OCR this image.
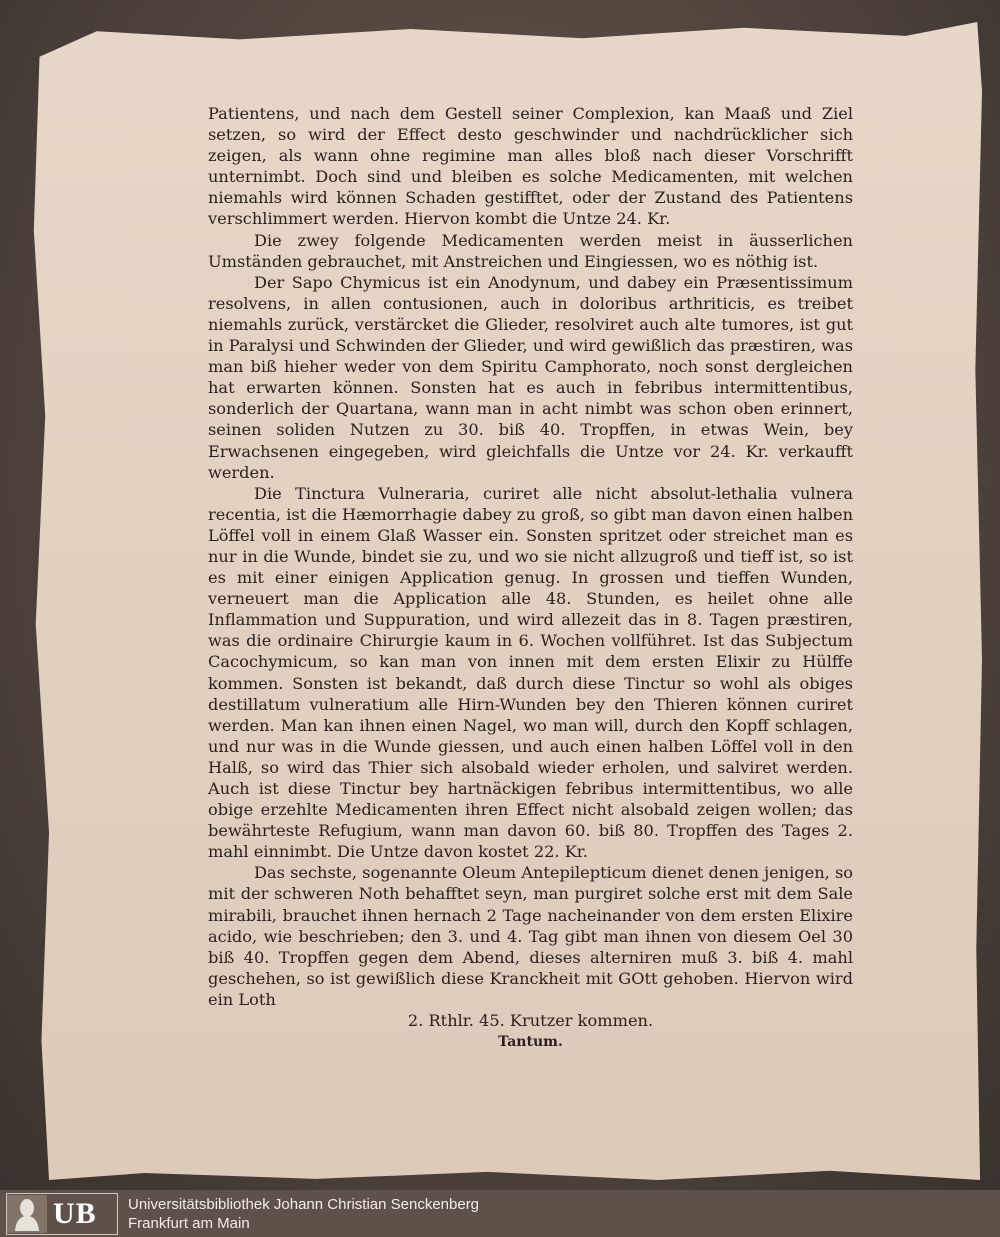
Patientens, und nach dem Gestell seiner Complexion, kan Maaß und Ziel setzen, so wird der Effect desto geschwinder und nachdrücklicher sich zeigen, als wann ohne regimine man alles bloß nach dieser Vorschrifft unternimbt. Doch sind und bleiben es solche Medicamenten, mit welchen niemahls wird können Schaden gestifftet, oder der Zustand des Patientens verschlimmert werden. Hiervon kombt die Untze 24. Kr.

Die zwey folgende Medicamenten werden meist in äusserlichen Umständen gebrauchet, mit Anstreichen und Eingiessen, wo es nöthig ist.

Der Sapo Chymicus ist ein Anodynum, und dabey ein Præsentissimum resolvens, in allen contusionen, auch in doloribus arthriticis, es treibet niemahls zurück, verstärcket die Glieder, resolviret auch alte tumores, ist gut in Paralysi und Schwinden der Glieder, und wird gewißlich das præstiren, was man biß hieher weder von dem Spiritu Camphorato, noch sonst dergleichen hat erwarten können. Sonsten hat es auch in febribus intermittentibus, sonderlich der Quartana, wann man in acht nimbt was schon oben erinnert, seinen soliden Nutzen zu 30. biß 40. Tropffen, in etwas Wein, bey Erwachsenen eingegeben, wird gleichfalls die Untze vor 24. Kr. verkaufft werden.

Die Tinctura Vulneraria, curiret alle nicht absolut-lethalia vulnera recentia, ist die Hæmorrhagie dabey zu groß, so gibt man davon einen halben Löffel voll in einem Glaß Wasser ein. Sonsten spritzet oder streichet man es nur in die Wunde, bindet sie zu, und wo sie nicht allzugroß und tieff ist, so ist es mit einer einigen Application genug. In grossen und tieffen Wunden, verneuert man die Application alle 48. Stunden, es heilet ohne alle Inflammation und Suppuration, und wird allezeit das in 8. Tagen præstiren, was die ordinaire Chirurgie kaum in 6. Wochen vollführet. Ist das Subjectum Cacochymicum, so kan man von innen mit dem ersten Elixir zu Hülffe kommen. Sonsten ist bekandt, daß durch diese Tinctur so wohl als obiges destillatum vulneratium alle Hirn-Wunden bey den Thieren können curiret werden. Man kan ihnen einen Nagel, wo man will, durch den Kopff schlagen, und nur was in die Wunde giessen, und auch einen halben Löffel voll in den Halß, so wird das Thier sich alsobald wieder erholen, und salviret werden. Auch ist diese Tinctur bey hartnäckigen febribus intermittentibus, wo alle obige erzehlte Medicamenten ihren Effect nicht alsobald zeigen wollen; das bewährteste Refugium, wann man davon 60. biß 80. Tropffen des Tages 2. mahl einnimbt. Die Untze davon kostet 22. Kr.

Das sechste, sogenannte Oleum Antepilepticum dienet denen jenigen, so mit der schweren Noth behafftet seyn, man purgiret solche erst mit dem Sale mirabili, brauchet ihnen hernach 2 Tage nacheinander von dem ersten Elixire acido, wie beschrieben; den 3. und 4. Tag gibt man ihnen von diesem Oel 30 biß 40. Tropffen gegen dem Abend, dieses alterniren muß 3. biß 4. mahl geschehen, so ist gewißlich diese Kranckheit mit GOtt gehoben. Hiervon wird ein Loth

2. Rthlr. 45. Krutzer kommen.
Tantum.
UB Universitätsbibliothek Johann Christian Senckenberg
Frankfurt am Main
